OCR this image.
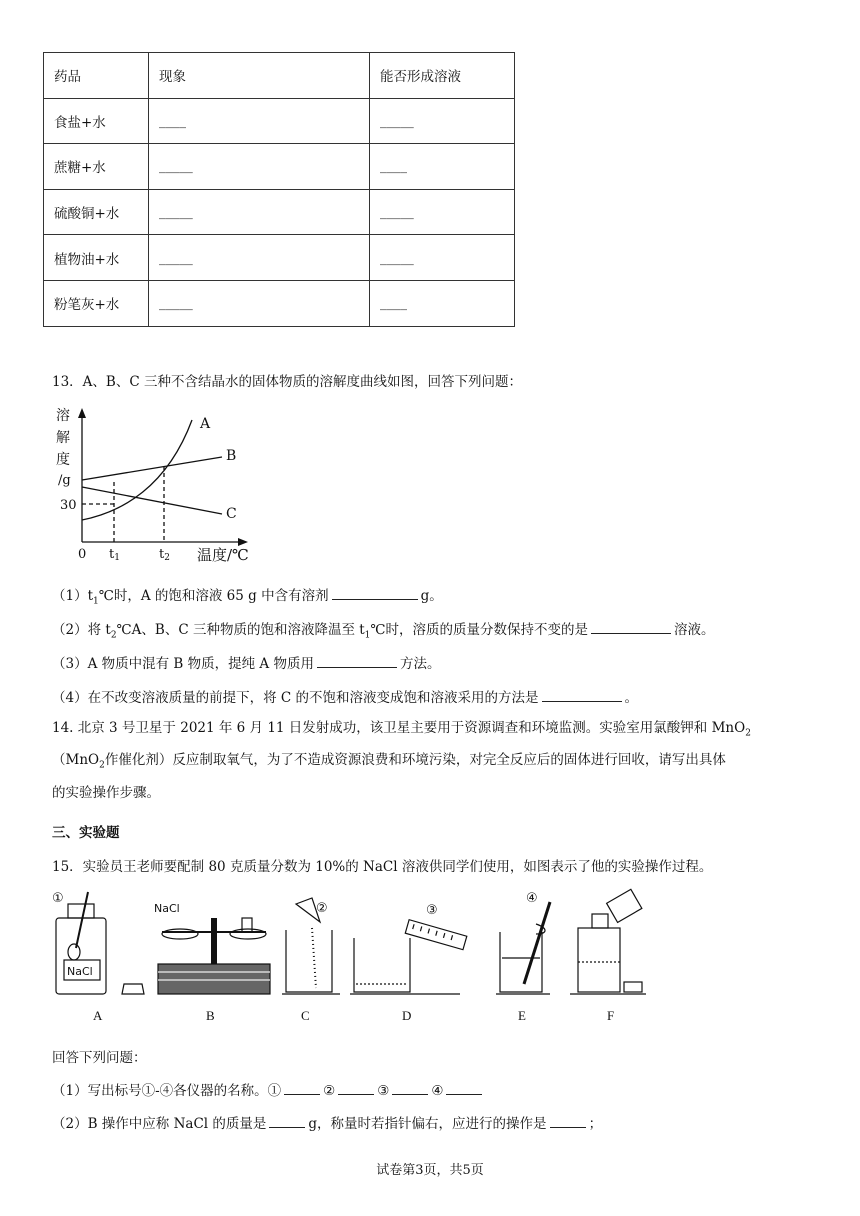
药品	现象	能否形成溶液
食盐+水	____	_____
蔗糖+水	_____	____
硫酸铜+水	_____	_____
植物油+水	_____	_____
粉笔灰+水	_____	____
13．A、B、C 三种不含结晶水的固体物质的溶解度曲线如图，回答下列问题：
溶
解
度
/g
30
0 t1	t2 温度/℃
A
B
C
$(1)t_1℃$时，A 的饱和溶液 65 g 中含有溶剂	g。
（2）将 $t_2℃A$、B、C 三种物质的饱和溶液降温至 $t_1℃$时，溶质的质量分数保持不变的是	溶液。
（3）A 物质中混有 B 物质，提纯 A 物质用	方法。
（4）在不改变溶液质量的前提下，将 C 的不饱和溶液变成饱和溶液采用的方法是	。
14. 北京 3 号卫星于 2021 年 6 月 11 日发射成功，该卫星主要用于资源调查和环境监测。实验室用氯酸钾和 MnO$_2$
（MnO$_2$作催化剂）反应制取氧气，为了不造成资源浪费和环境污染，对完全反应后的固体进行回收，请写出具体
的实验操作步骤。
三、实验题
15．实验员王老师要配制 80 克质量分数为 10%的 NaCl 溶液供同学们使用，如图表示了他的实验操作过程。
①
NaCl
NaCl	②	③
④
A	B	C	D	E	F
回答下列问题：
（1）写出标号①-④各仪器的名称。①	②	③	④
（2）B 操作中应称 NaCl 的质量是	g，称量时若指针偏右，应进行的操作是	；
试卷第3页，共5页
